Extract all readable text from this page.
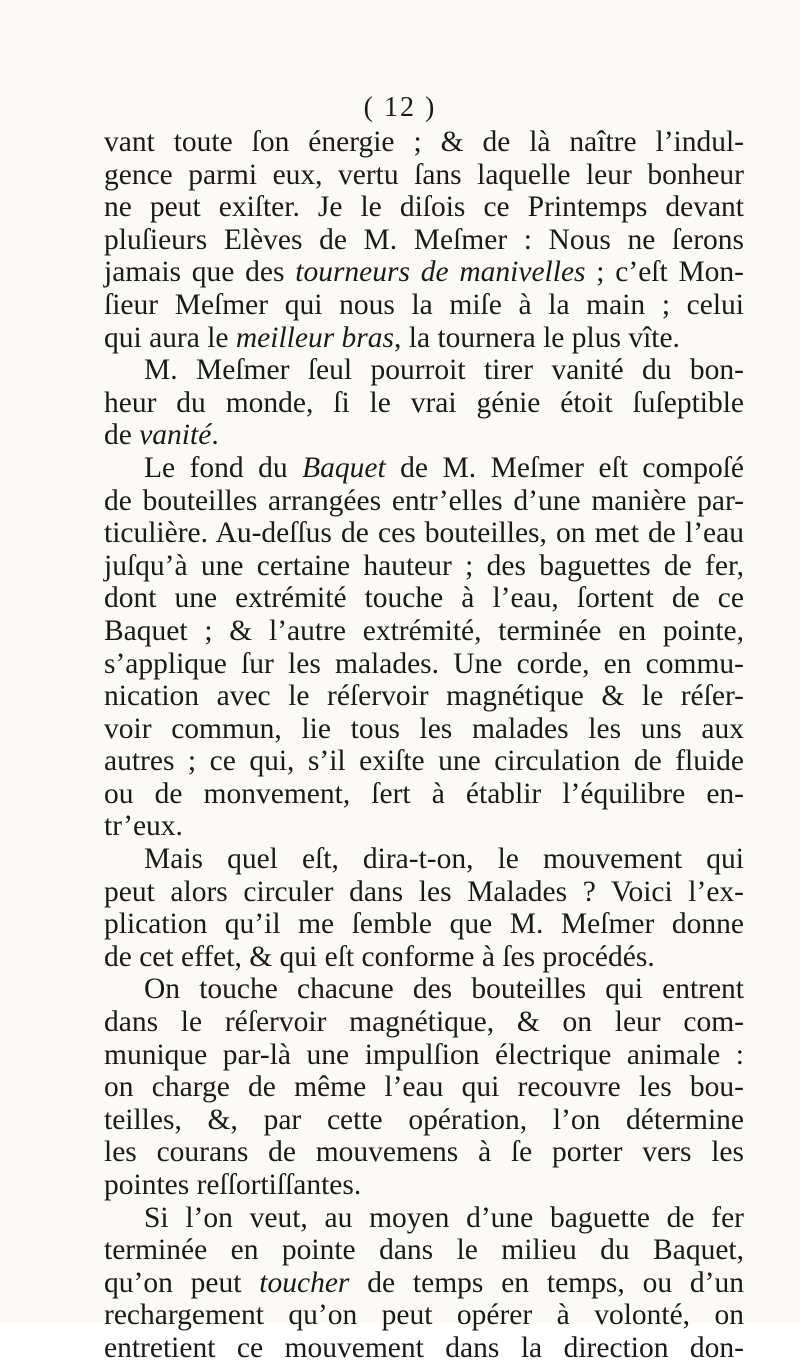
( 12 )
vant toute ſon énergie ; & de là naître l’indul-
gence parmi eux, vertu ſans laquelle leur bonheur
ne peut exiſter. Je le diſois ce Printemps devant
pluſieurs Elèves de M. Meſmer : Nous ne ſerons
jamais que des tourneurs de manivelles ; c’eſt Mon-
ſieur Meſmer qui nous la miſe à la main ; celui
qui aura le meilleur bras, la tournera le plus vîte.
M. Meſmer ſeul pourroit tirer vanité du bon-
heur du monde, ſi le vrai génie étoit ſuſeptible
de vanité.
Le fond du Baquet de M. Meſmer eſt compoſé
de bouteilles arrangées entr’elles d’une manière par-
ticulière. Au-deſſus de ces bouteilles, on met de l’eau
juſqu’à une certaine hauteur ; des baguettes de fer,
dont une extrémité touche à l’eau, ſortent de ce
Baquet ; & l’autre extrémité, terminée en pointe,
s’applique ſur les malades. Une corde, en commu-
nication avec le réſervoir magnétique & le réſer-
voir commun, lie tous les malades les uns aux
autres ; ce qui, s’il exiſte une circulation de fluide
ou de monvement, ſert à établir l’équilibre en-
tr’eux.
Mais quel eſt, dira-t-on, le mouvement qui
peut alors circuler dans les Malades ? Voici l’ex-
plication qu’il me ſemble que M. Meſmer donne
de cet effet, & qui eſt conforme à ſes procédés.
On touche chacune des bouteilles qui entrent
dans le réſervoir magnétique, & on leur com-
munique par-là une impulſion électrique animale :
on charge de même l’eau qui recouvre les bou-
teilles, &, par cette opération, l’on détermine
les courans de mouvemens à ſe porter vers les
pointes reſſortiſſantes.
Si l’on veut, au moyen d’une baguette de fer
terminée en pointe dans le milieu du Baquet,
qu’on peut toucher de temps en temps, ou d’un
rechargement qu’on peut opérer à volonté, on
entretient ce mouvement dans la direction don-
